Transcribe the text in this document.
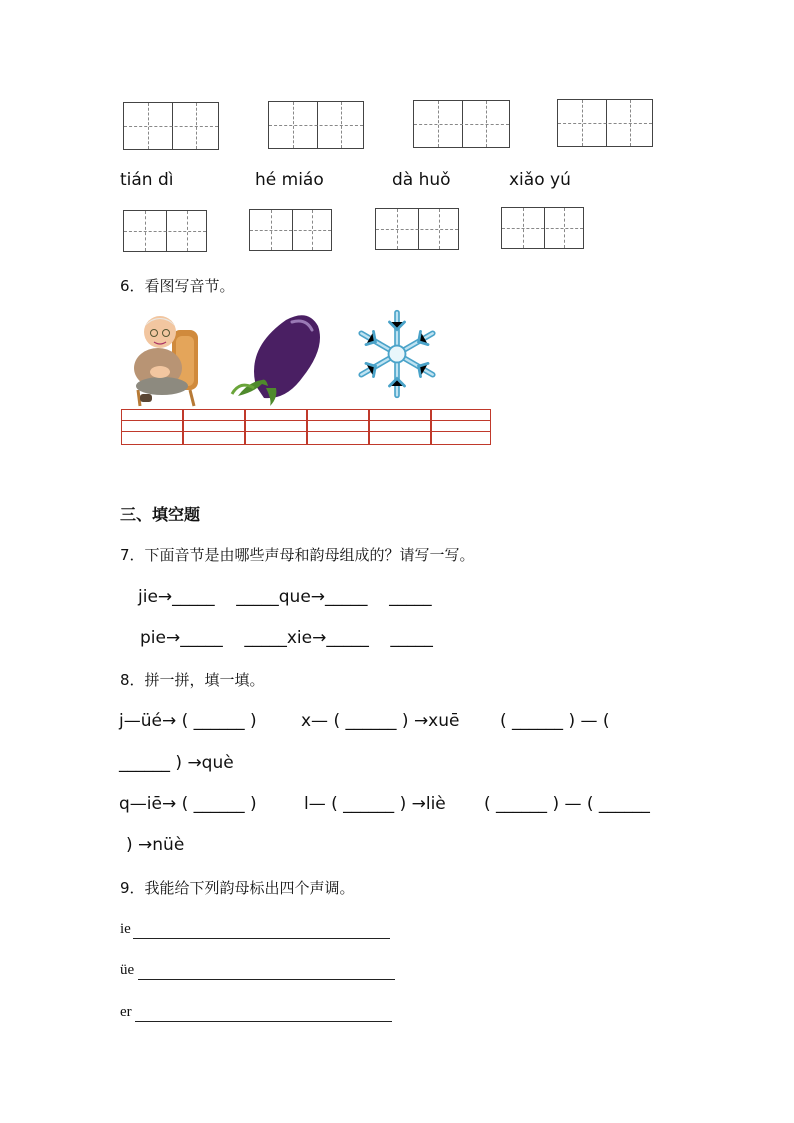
tián dì	hé miáo	dà huǒ	xiǎo yú
6．看图写音节。
三、填空题
7．下面音节是由哪些声母和韵母组成的？请写一写。
jie→_____    _____que→_____    _____
pie→_____    _____xie→_____    _____
8．拼一拼，填一填。
j—üé→ ( ______ )	x— ( ______ ) →xuē ( ______ ) — (
______ ) →què
q—iē→ ( ______ )	l— ( ______ ) →liè ( ______ ) — ( ______
) →nüè
9．我能给下列韵母标出四个声调。
ie
üe
er
